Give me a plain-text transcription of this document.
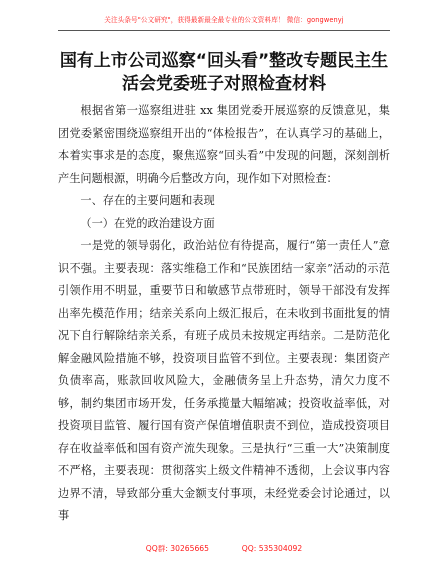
关注头条号"公文研究"，获得最新最全最专业的公文资料库！ 微信：gongwenyj
国有上市公司巡察“回头看”整改专题民主生
活会党委班子对照检查材料

根据省第一巡察组进驻 xx 集团党委开展巡察的反馈意见，集团党委紧密围绕巡察组开出的“体检报告”，在认真学习的基础上，本着实事求是的态度，聚焦巡察“回头看”中发现的问题，深刻剖析产生问题根源，明确今后整改方向，现作如下对照检查：

一、存在的主要问题和表现

（一）在党的政治建设方面

一是党的领导弱化，政治站位有待提高，履行“第一责任人”意识不强。主要表现：落实维稳工作和“民族团结一家亲”活动的示范引领作用不明显，重要节日和敏感节点带班时，领导干部没有发挥出率先模范作用；结亲关系向上级汇报后，在未收到书面批复的情况下自行解除结亲关系，有班子成员未按规定再结亲。二是防范化解金融风险措施不够，投资项目监管不到位。主要表现：集团资产负债率高，账款回收风险大，金融债务呈上升态势，清欠力度不够，制约集团市场开发，任务承揽量大幅缩减；投资收益率低，对投资项目监管、履行国有资产保值增值职责不到位，造成投资项目存在收益率低和国有资产流失现象。三是执行“三重一大”决策制度不严格，主要表现：贯彻落实上级文件精神不透彻，上会议事内容边界不清，导致部分重大金额支付事项，未经党委会讨论通过，以事

QQ群: 30265665	QQ: 535304092
